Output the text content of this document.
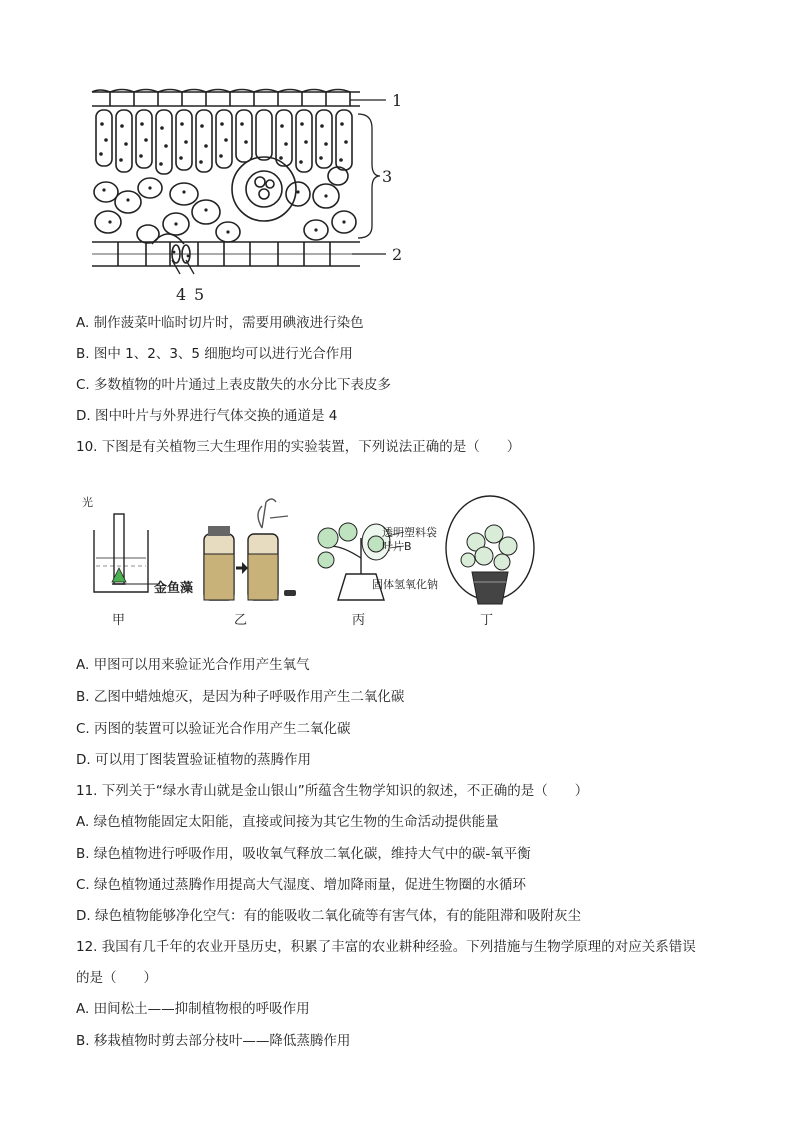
1
2
3
4 5
A. 制作菠菜叶临时切片时，需要用碘液进行染色
B. 图中 1、2、3、5 细胞均可以进行光合作用
C. 多数植物的叶片通过上表皮散失的水分比下表皮多
D. 图中叶片与外界进行气体交换的通道是 4
10. 下图是有关植物三大生理作用的实验装置，下列说法正确的是（　　）
光
金鱼藻
透明塑料袋
叶片B
固体氢氧化钠
甲	乙	丙	丁
A. 甲图可以用来验证光合作用产生氧气
B. 乙图中蜡烛熄灭，是因为种子呼吸作用产生二氧化碳
C. 丙图的装置可以验证光合作用产生二氧化碳
D. 可以用丁图装置验证植物的蒸腾作用
11. 下列关于“绿水青山就是金山银山”所蕴含生物学知识的叙述，不正确的是（　　）
A. 绿色植物能固定太阳能，直接或间接为其它生物的生命活动提供能量
B. 绿色植物进行呼吸作用，吸收氧气释放二氧化碳，维持大气中的碳-氧平衡
C. 绿色植物通过蒸腾作用提高大气湿度、增加降雨量，促进生物圈的水循环
D. 绿色植物能够净化空气：有的能吸收二氧化硫等有害气体，有的能阻滞和吸附灰尘
12. 我国有几千年的农业开垦历史，积累了丰富的农业耕种经验。下列措施与生物学原理的对应关系错误
的是（　　）
A. 田间松土——抑制植物根的呼吸作用
B. 移栽植物时剪去部分枝叶——降低蒸腾作用
